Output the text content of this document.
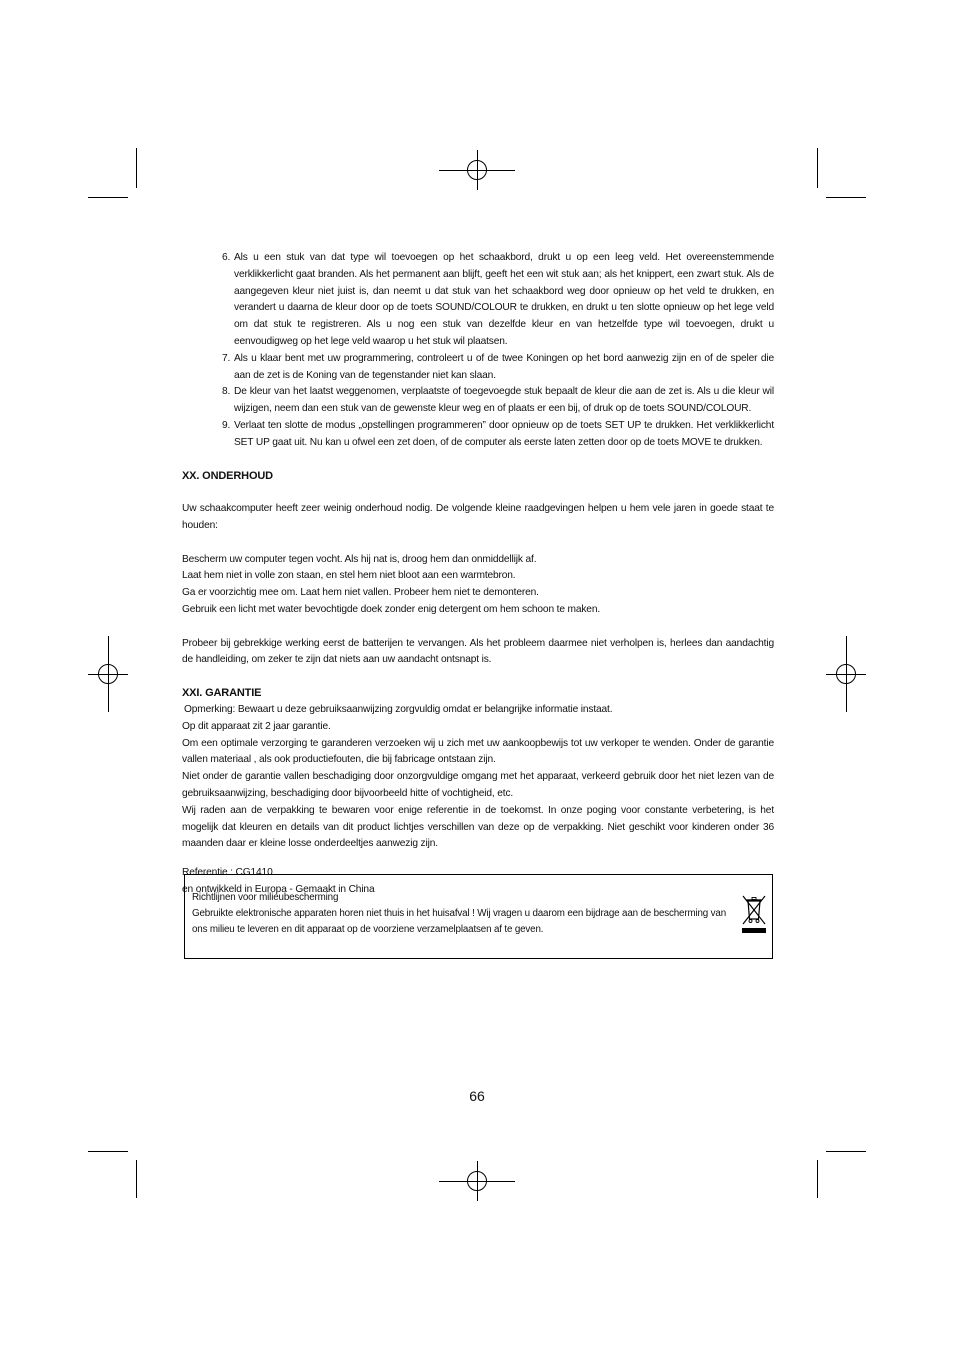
6. Als u een stuk van dat type wil toevoegen op het schaakbord, drukt u op een leeg veld. Het overeenstemmende verklikkerlicht gaat branden. Als het permanent aan blijft, geeft het een wit stuk aan; als het knippert, een zwart stuk. Als de aangegeven kleur niet juist is, dan neemt u dat stuk van het schaakbord weg door opnieuw op het veld te drukken, en verandert u daarna de kleur door op de toets SOUND/COLOUR te drukken, en drukt u ten slotte opnieuw op het lege veld om dat stuk te registreren. Als u nog een stuk van dezelfde kleur en van hetzelfde type wil toevoegen, drukt u eenvoudigweg op het lege veld waarop u het stuk wil plaatsen.
7. Als u klaar bent met uw programmering, controleert u of de twee Koningen op het bord aanwezig zijn en of de speler die aan de zet is de Koning van de tegenstander niet kan slaan.
8. De kleur van het laatst weggenomen, verplaatste of toegevoegde stuk bepaalt de kleur die aan de zet is. Als u die kleur wil wijzigen, neem dan een stuk van de gewenste kleur weg en of plaats er een bij, of druk op de toets SOUND/COLOUR.
9. Verlaat ten slotte de modus „opstellingen programmeren” door opnieuw op de toets SET UP te drukken. Het verklikkerlicht SET UP gaat uit. Nu kan u ofwel een zet doen, of de computer als eerste laten zetten door op de toets MOVE te drukken.
XX. ONDERHOUD

Uw schaakcomputer heeft zeer weinig onderhoud nodig. De volgende kleine raadgevingen helpen u hem vele jaren in goede staat te houden:

Bescherm uw computer tegen vocht. Als hij nat is, droog hem dan onmiddellijk af.

Laat hem niet in volle zon staan, en stel hem niet bloot aan een warmtebron.

Ga er voorzichtig mee om. Laat hem niet vallen. Probeer hem niet te demonteren.

Gebruik een licht met water bevochtigde doek zonder enig detergent om hem schoon te maken.

Probeer bij gebrekkige werking eerst de batterijen te vervangen. Als het probleem daarmee niet verholpen is, herlees dan aandachtig de handleiding, om zeker te zijn dat niets aan uw aandacht ontsnapt is.

XXI. GARANTIE

Opmerking: Bewaart u deze gebruiksaanwijzing zorgvuldig omdat er belangrijke informatie instaat.

Op dit apparaat zit 2 jaar garantie.

Om een optimale verzorging te garanderen verzoeken wij u zich met uw aankoopbewijs tot uw verkoper te wenden. Onder de garantie vallen materiaal , als ook productiefouten, die bij fabricage ontstaan zijn.

Niet onder de garantie vallen beschadiging door onzorgvuldige omgang met het apparaat, verkeerd gebruik door het niet lezen van de gebruiksaanwijzing, beschadiging door bijvoorbeeld hitte of vochtigheid, etc.

Wij raden aan de verpakking te bewaren voor enige referentie in de toekomst. In onze poging voor constante verbetering, is het mogelijk dat kleuren en details van dit product lichtjes verschillen van deze op de verpakking. Niet geschikt voor kinderen onder 36 maanden daar er kleine losse onderdeeltjes aanwezig zijn.

Referentie : CG1410

en ontwikkeld in Europa - Gemaakt in China

Richtlijnen voor milieubescherming
Gebruikte elektronische apparaten horen niet thuis in het huisafval ! Wij vragen u daarom een bijdrage aan de bescherming van ons milieu te leveren en dit apparaat op de voorziene verzamelplaatsen af te geven.
66
